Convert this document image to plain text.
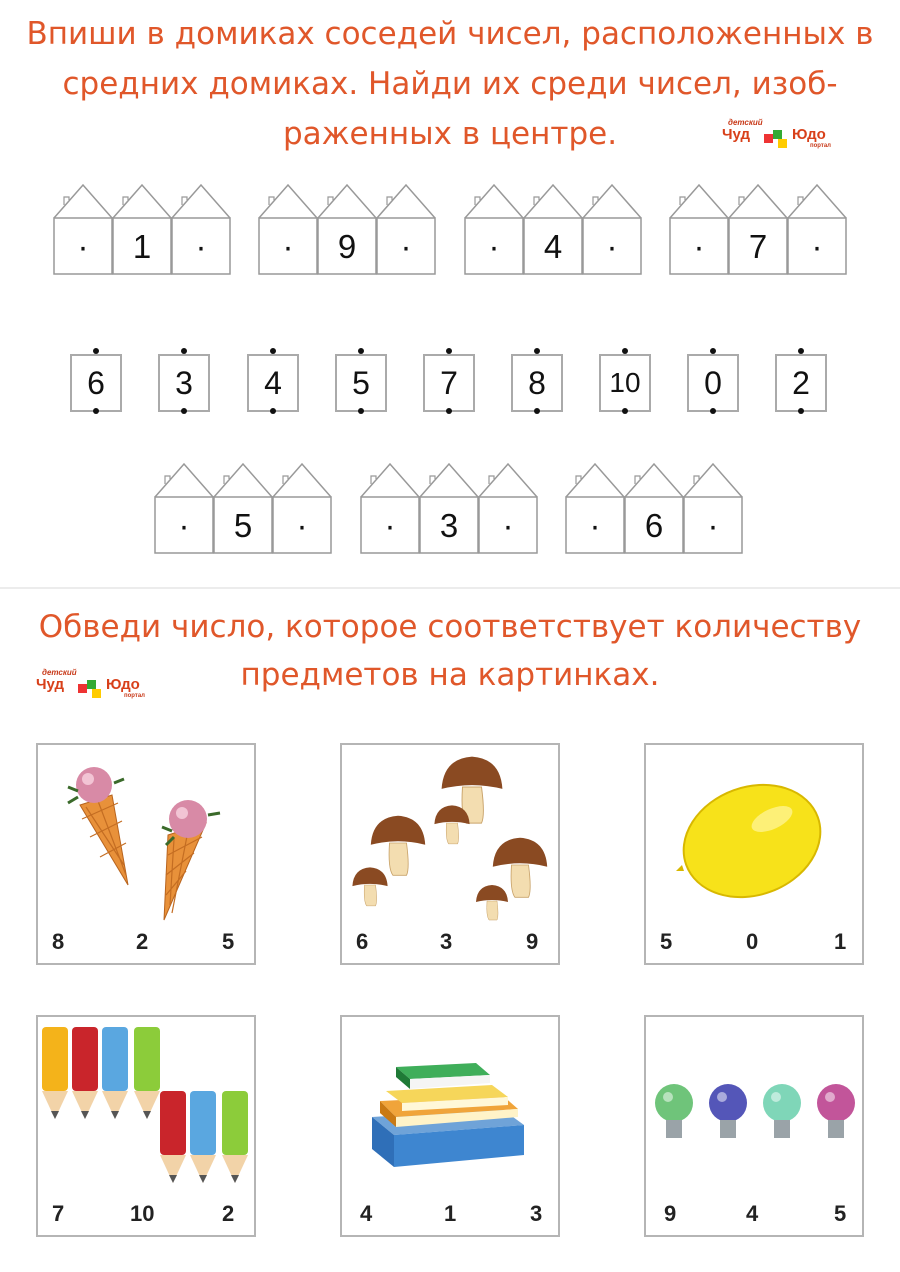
Впиши в домиках соседей чисел, расположенных в
средних домиках. Найди их среди чисел, изоб-
раженных в центре.	детский
Чуд	Юдо
портал
·	1	·	·	9	·	·	4	·	·	7	·
·	5	·	·	3	·	·	6	·
6	3	4	5	7	8	10	0	2
Обведи число, которое соответствует количеству
предметов на картинках.
детский
Чуд	Юдо
портал
8	2	5	6	3	9	5	0	1
7	10	2	4	1	3	9	4	5
